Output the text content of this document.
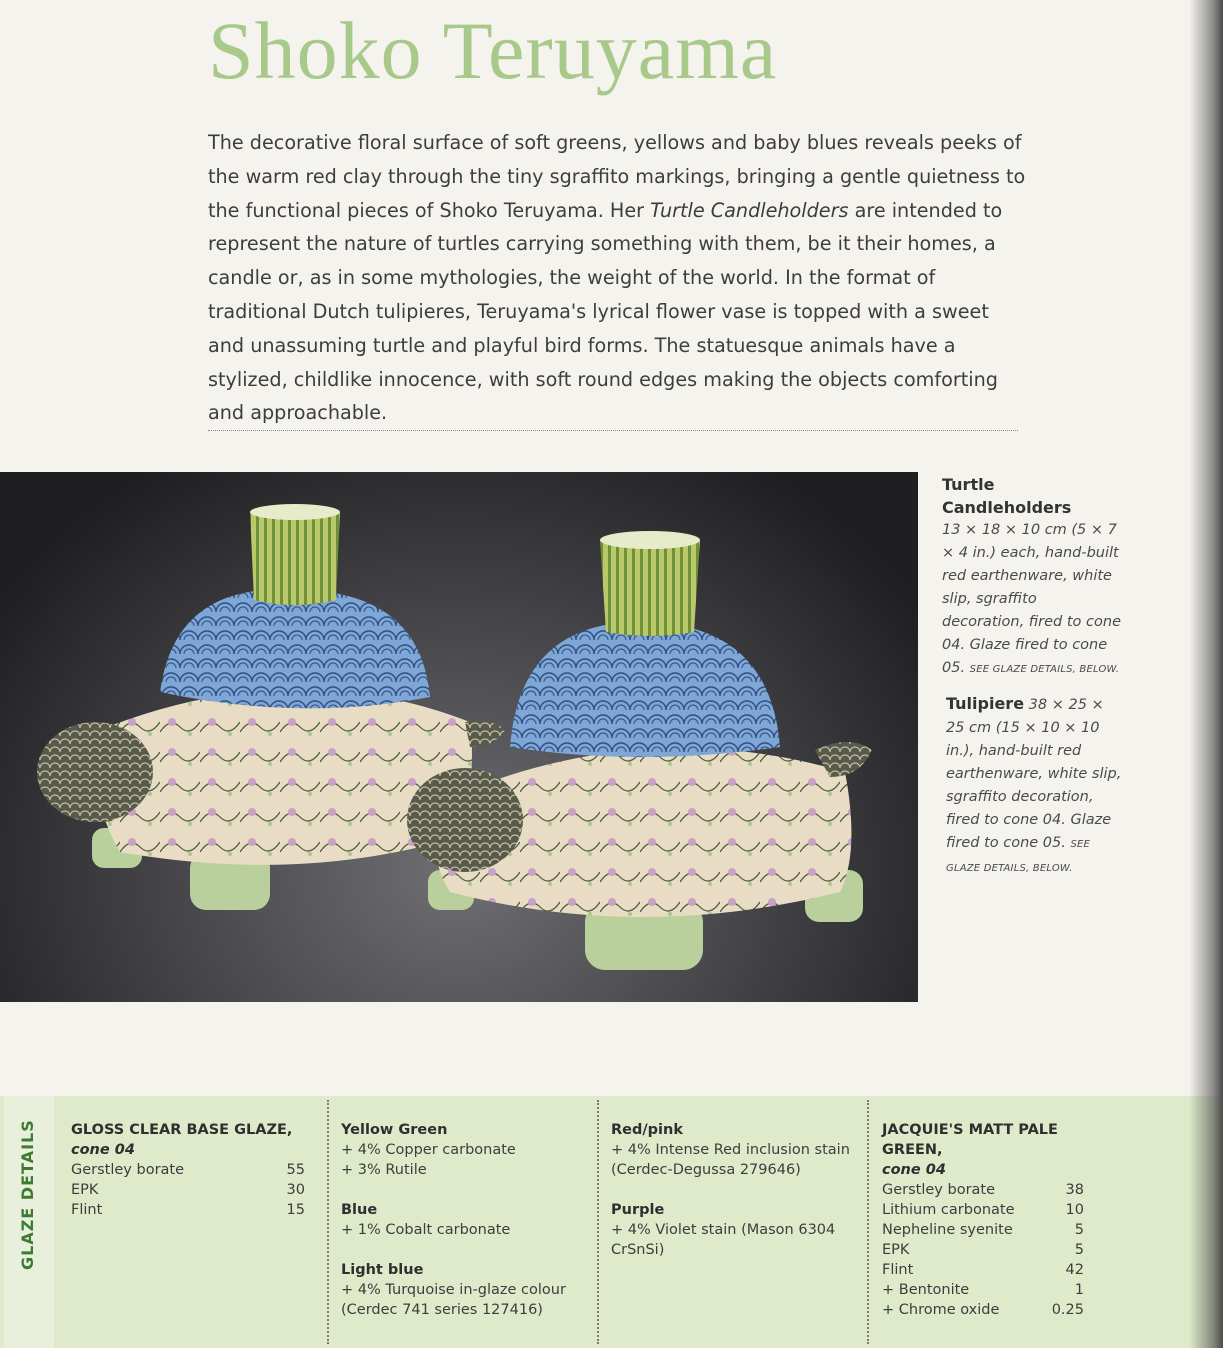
Shoko Teruyama

The decorative floral surface of soft greens, yellows and baby blues reveals peeks of the warm red clay through the tiny sgraffito markings, bringing a gentle quietness to the functional pieces of Shoko Teruyama. Her Turtle Candleholders are intended to represent the nature of turtles carrying something with them, be it their homes, a candle or, as in some mythologies, the weight of the world. In the format of traditional Dutch tulipieres, Teruyama's lyrical flower vase is topped with a sweet and unassuming turtle and playful bird forms. The statuesque animals have a stylized, childlike innocence, with soft round edges making the objects comforting and approachable.

Turtle Candleholders
13 × 18 × 10 cm (5 × 7 × 4 in.) each, hand-built red earthenware, white slip, sgraffito decoration, fired to cone 04. Glaze fired to cone 05. SEE GLAZE DETAILS, BELOW.
Tulipiere 38 × 25 × 25 cm (15 × 10 × 10 in.), hand-built red earthenware, white slip, sgraffito decoration, fired to cone 04. Glaze fired to cone 05. SEE GLAZE DETAILS, BELOW.
GLAZE DETAILS GLOSS CLEAR BASE GLAZE, cone 04
Gerstley borate	55
EPK	30
Flint	15
Yellow Green
+ 4% Copper carbonate
+ 3% Rutile
Blue
+ 1% Cobalt carbonate
Light blue
+ 4% Turquoise in-glaze colour
(Cerdec 741 series 127416)
Red/pink
+ 4% Intense Red inclusion stain
(Cerdec-Degussa 279646)
Purple
+ 4% Violet stain (Mason 6304
CrSnSi)
JACQUIE'S MATT PALE GREEN,
cone 04
Gerstley borate	38
Lithium carbonate	10
Nepheline syenite	5
EPK	5
Flint	42
+ Bentonite	1
+ Chrome oxide	0.25
